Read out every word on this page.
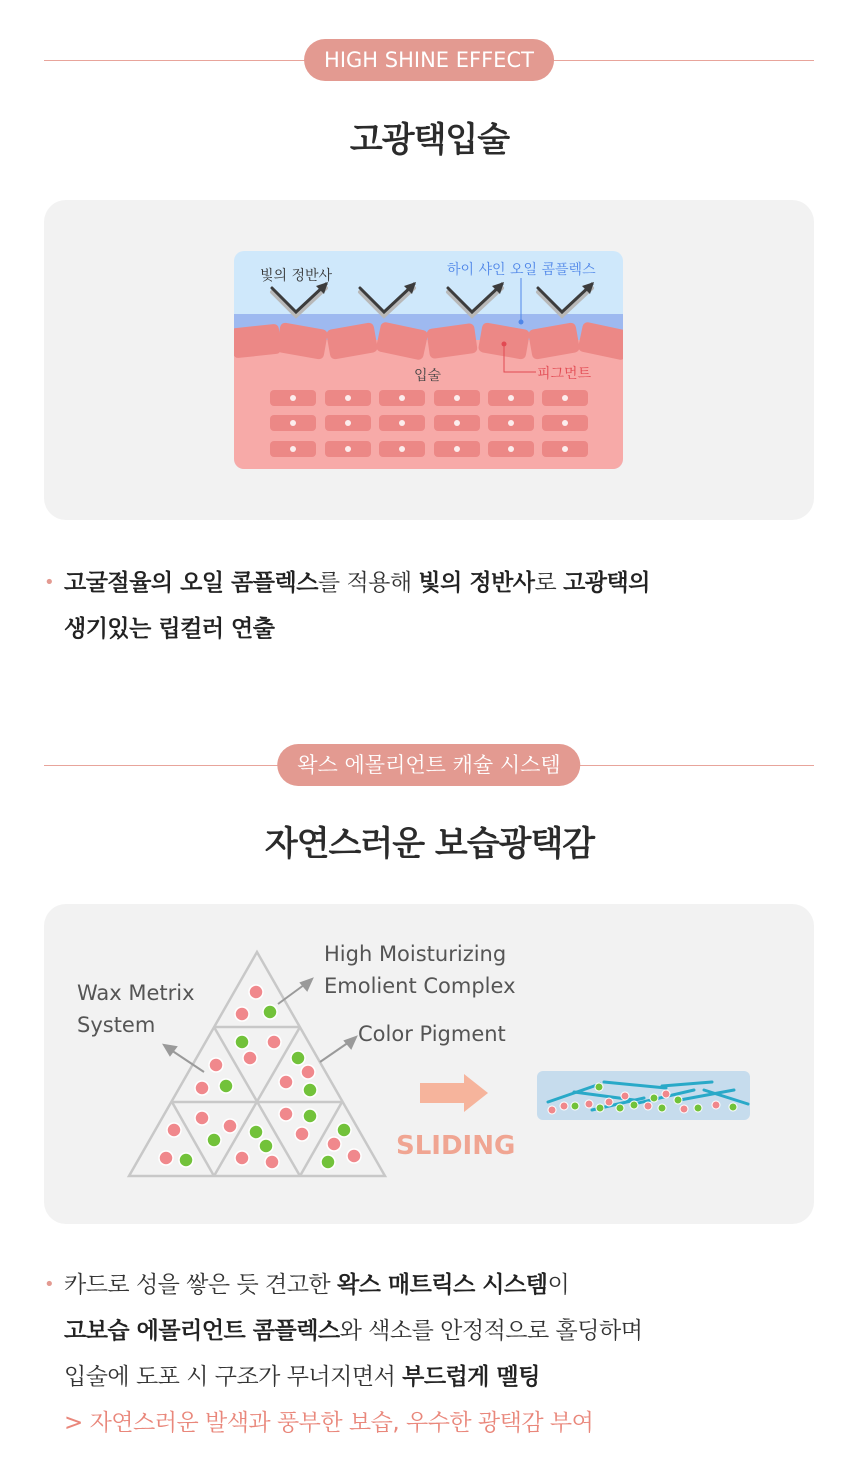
HIGH SHINE EFFECT
고광택입술
빛의 정반사	하이 샤인 오일 콤플렉스
입술	피그먼트
• 고굴절율의 오일 콤플렉스를 적용해 빛의 정반사로 고광택의
생기있는 립컬러 연출
왁스 에몰리언트 캐슐 시스템
자연스러운 보습광택감
Wax Metrix
System
High Moisturizing
Emolient Complex
Color Pigment
SLIDING
• 카드로 성을 쌓은 듯 견고한 왁스 매트릭스 시스템이
고보습 에몰리언트 콤플렉스와 색소를 안정적으로 홀딩하며
입술에 도포 시 구조가 무너지면서 부드럽게 멜팅
> 자연스러운 발색과 풍부한 보습, 우수한 광택감 부여
